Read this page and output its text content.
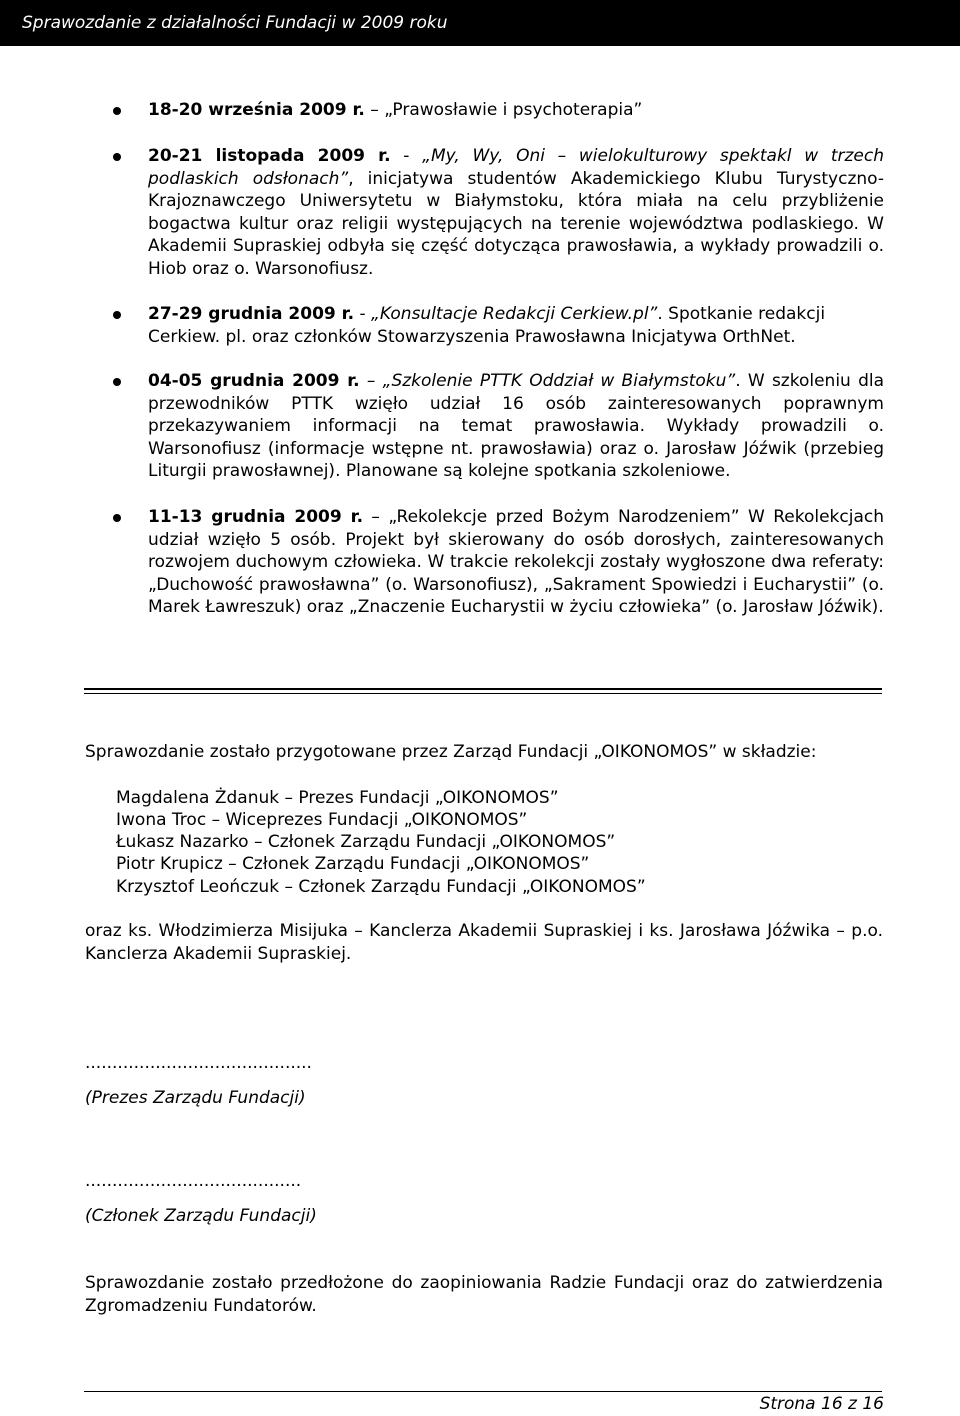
Sprawozdanie z działalności Fundacji w 2009 roku
18-20 września 2009 r. – „Prawosławie i psychoterapia”
20-21 listopada 2009 r. - „My, Wy, Oni – wielokulturowy spektakl w trzech podlaskich odsłonach”, inicjatywa studentów Akademickiego Klubu Turystyczno-Krajoznawczego Uniwersytetu w Białymstoku, która miała na celu przybliżenie bogactwa kultur oraz religii występujących na terenie województwa podlaskiego. W Akademii Supraskiej odbyła się część dotycząca prawosławia, a wykłady prowadzili o. Hiob oraz o. Warsonofiusz.
27-29 grudnia 2009 r. - „Konsultacje Redakcji Cerkiew.pl”. Spotkanie redakcji Cerkiew. pl. oraz członków Stowarzyszenia Prawosławna Inicjatywa OrthNet.
04-05 grudnia 2009 r. – „Szkolenie PTTK Oddział w Białymstoku”. W szkoleniu dla przewodników PTTK wzięło udział 16 osób zainteresowanych poprawnym przekazywaniem informacji na temat prawosławia. Wykłady prowadzili o. Warsonofiusz (informacje wstępne nt. prawosławia) oraz o. Jarosław Jóźwik (przebieg Liturgii prawosławnej). Planowane są kolejne spotkania szkoleniowe.
11-13 grudnia 2009 r. – „Rekolekcje przed Bożym Narodzeniem” W Rekolekcjach udział wzięło 5 osób. Projekt był skierowany do osób dorosłych, zainteresowanych rozwojem duchowym człowieka. W trakcie rekolekcji zostały wygłoszone dwa referaty: „Duchowość prawosławna” (o. Warsonofiusz), „Sakrament Spowiedzi i Eucharystii” (o. Marek Ławreszuk) oraz „Znaczenie Eucharystii w życiu człowieka” (o. Jarosław Jóźwik).
Sprawozdanie zostało przygotowane przez Zarząd Fundacji „OIKONOMOS” w składzie:
Magdalena Żdanuk – Prezes Fundacji „OIKONOMOS”
Iwona Troc – Wiceprezes Fundacji „OIKONOMOS”
Łukasz Nazarko – Członek Zarządu Fundacji „OIKONOMOS”
Piotr Krupicz – Członek Zarządu Fundacji „OIKONOMOS”
Krzysztof Leończuk – Członek Zarządu Fundacji „OIKONOMOS”
oraz ks. Włodzimierza Misijuka – Kanclerza Akademii Supraskiej i ks. Jarosława Jóźwika – p.o. Kanclerza Akademii Supraskiej.
..........................................
(Prezes Zarządu Fundacji)
........................................
(Członek Zarządu Fundacji)
Sprawozdanie zostało przedłożone do zaopiniowania Radzie Fundacji oraz do zatwierdzenia Zgromadzeniu Fundatorów.
Strona 16 z 16
